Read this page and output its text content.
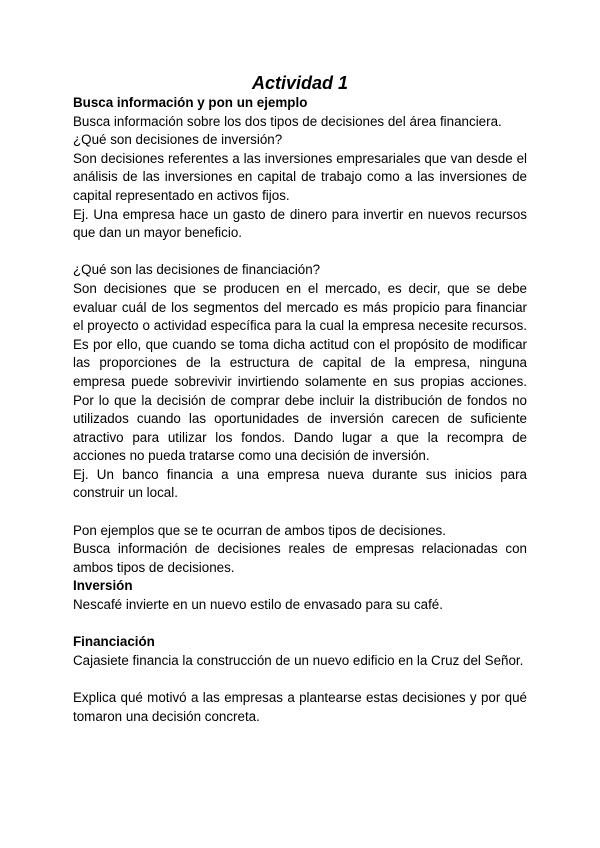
Actividad 1

Busca información y pon un ejemplo

Busca información sobre los dos tipos de decisiones del área financiera.

¿Qué son decisiones de inversión?

Son decisiones referentes a las inversiones empresariales que van desde el análisis de las inversiones en capital de trabajo como a las inversiones de capital representado en activos fijos.

Ej. Una empresa hace un gasto de dinero para invertir en nuevos recursos que dan un mayor beneficio.

¿Qué son las decisiones de financiación?

Son decisiones que se producen en el mercado, es decir, que se debe evaluar cuál de los segmentos del mercado es más propicio para financiar el proyecto o actividad específica para la cual la empresa necesite recursos. Es por ello, que cuando se toma dicha actitud con el propósito de modificar las proporciones de la estructura de capital de la empresa, ninguna empresa puede sobrevivir invirtiendo solamente en sus propias acciones. Por lo que la decisión de comprar debe incluir la distribución de fondos no utilizados cuando las oportunidades de inversión carecen de suficiente atractivo para utilizar los fondos. Dando lugar a que la recompra de acciones no pueda tratarse como una decisión de inversión.

Ej. Un banco financia a una empresa nueva durante sus inicios para construir un local.

Pon ejemplos que se te ocurran de ambos tipos de decisiones.

Busca información de decisiones reales de empresas relacionadas con ambos tipos de decisiones.

Inversión

Nescafé invierte en un nuevo estilo de envasado para su café.

Financiación

Cajasiete financia la construcción de un nuevo edificio en la Cruz del Señor.

Explica qué motivó a las empresas a plantearse estas decisiones y por qué tomaron una decisión concreta.
